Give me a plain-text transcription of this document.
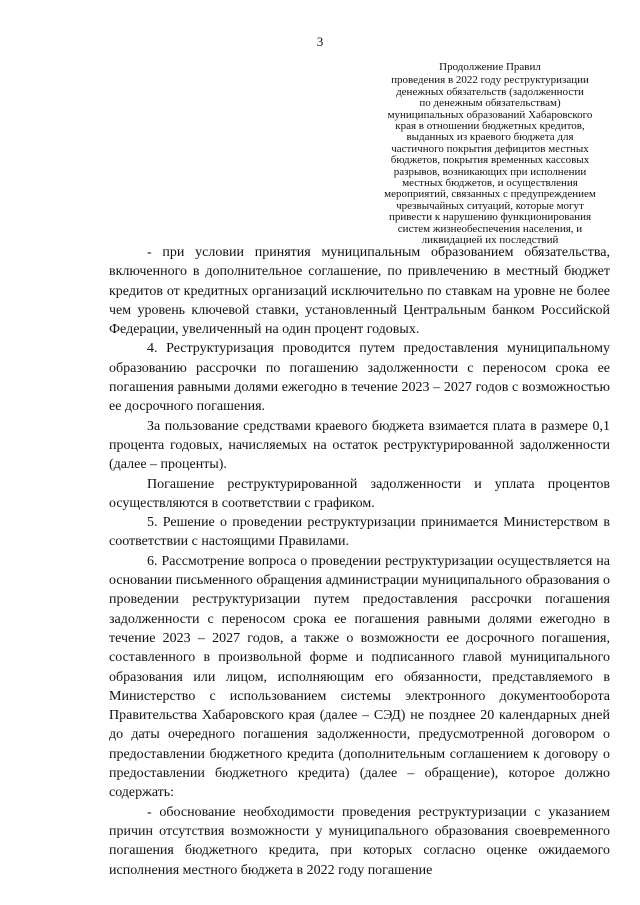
3
Продолжение Правил
проведения в 2022 году реструктуризации
денежных обязательств (задолженности
по денежным обязательствам)
муниципальных образований Хабаровского
края в отношении бюджетных кредитов,
выданных из краевого бюджета для
частичного покрытия дефицитов местных
бюджетов, покрытия временных кассовых
разрывов, возникающих при исполнении
местных бюджетов, и осуществления
мероприятий, связанных с предупреждением
чрезвычайных ситуаций, которые могут
привести к нарушению функционирования
систем жизнеобеспечения населения, и
ликвидацией их последствий

- при условии принятия муниципальным образованием обязательства, включенного в дополнительное соглашение, по привлечению в местный бюджет кредитов от кредитных организаций исключительно по ставкам на уровне не более чем уровень ключевой ставки, установленный Центральным банком Российской Федерации, увеличенный на один процент годовых.

4. Реструктуризация проводится путем предоставления муниципальному образованию рассрочки по погашению задолженности с переносом срока ее погашения равными долями ежегодно в течение 2023 – 2027 годов с возможностью ее досрочного погашения.

За пользование средствами краевого бюджета взимается плата в размере 0,1 процента годовых, начисляемых на остаток реструктурированной задолженности (далее – проценты).

Погашение реструктурированной задолженности и уплата процентов осуществляются в соответствии с графиком.

5. Решение о проведении реструктуризации принимается Министерством в соответствии с настоящими Правилами.

6. Рассмотрение вопроса о проведении реструктуризации осуществляется на основании письменного обращения администрации муниципального образования о проведении реструктуризации путем предоставления рассрочки погашения задолженности с переносом срока ее погашения равными долями ежегодно в течение 2023 – 2027 годов, а также о возможности ее досрочного погашения, составленного в произвольной форме и подписанного главой муниципального образования или лицом, исполняющим его обязанности, представляемого в Министерство с использованием системы электронного документооборота Правительства Хабаровского края (далее – СЭД) не позднее 20 календарных дней до даты очередного погашения задолженности, предусмотренной договором о предоставлении бюджетного кредита (дополнительным соглашением к договору о предоставлении бюджетного кредита) (далее – обращение), которое должно содержать:

- обоснование необходимости проведения реструктуризации с указанием причин отсутствия возможности у муниципального образования своевременного погашения бюджетного кредита, при которых согласно оценке ожидаемого исполнения местного бюджета в 2022 году погашение
